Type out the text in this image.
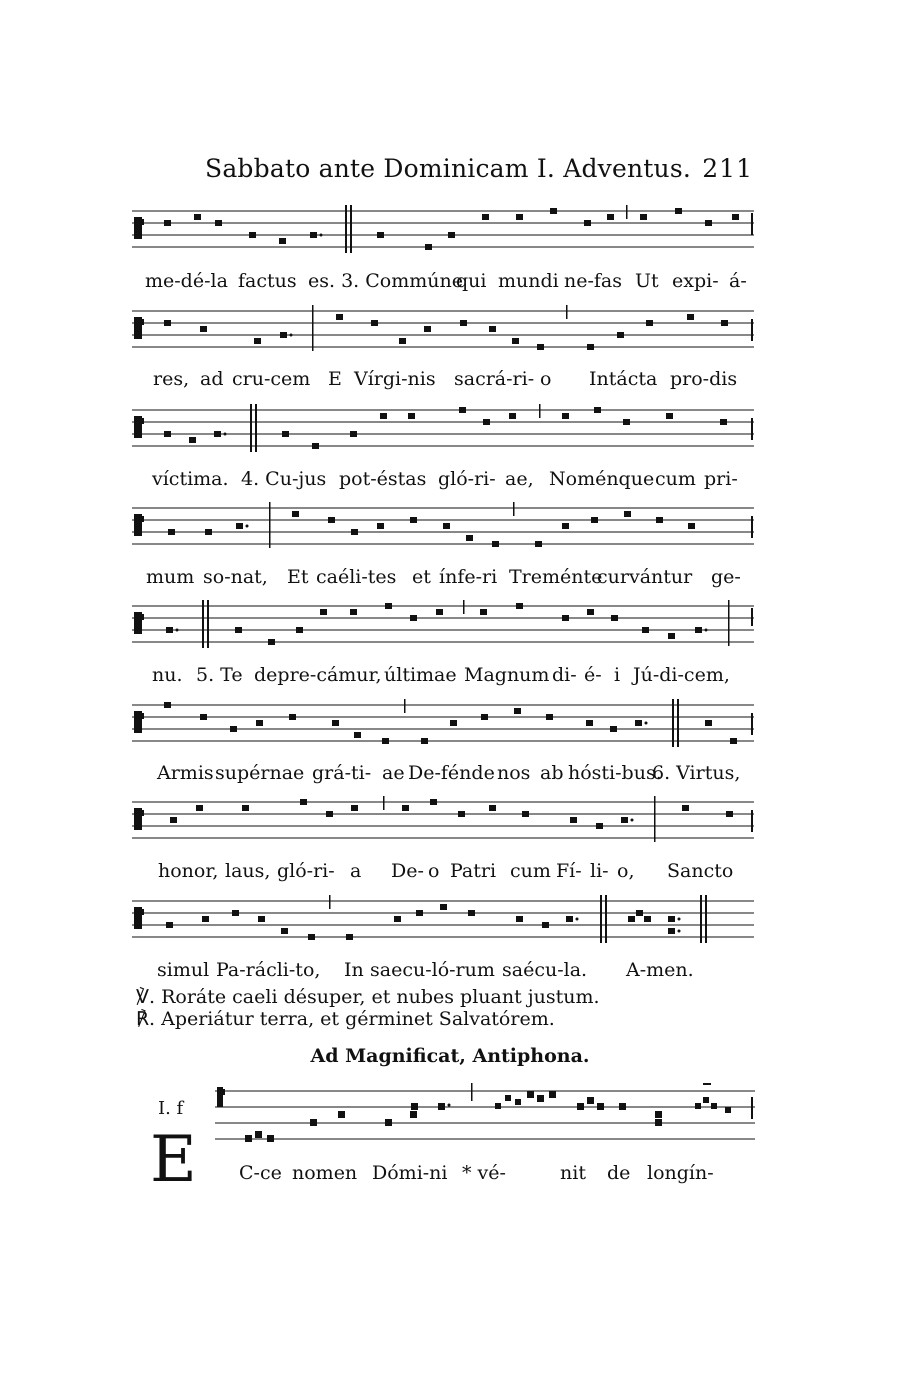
Sabbato ante Dominicam I. Adventus. 211

me-dé-la

factus

es. 3. Commúne

qui

mundi

ne-fas

Ut

expi-

á-

res,

ad

cru-cem

E

Vírgi-nis

sacrá-ri-

o

Intácta

pro-dis

víctima.

4. Cu-jus

pot-éstas

gló-ri-

ae,

Noménque

cum

pri-

mum

so-nat,

Et

caéli-tes

et

ínfe-ri

Treménte

curvántur

ge-

nu.

5. Te

depre-cámur,

últimae

Magnum

di-

é-

i

Jú-di-cem,

Armis

supérnae

grá-ti-

ae

De-fénde

nos

ab

hósti-bus.

6. Virtus,

honor,

laus,

gló-ri-

a

De-

o

Patri

cum

Fí-

li-

o,

Sancto

simul

Pa-rácli-to,

In

saecu-ló-rum

saécu-la.

A-men.

℣. Roráte caeli désuper, et nubes pluant justum.
℟. Aperiátur terra, et gérminet Salvatórem.
Ad Magnificat, Antiphona.
I. f
E

C-ce

nomen

Dómi-ni

* vé-

	nit

de

longín-
